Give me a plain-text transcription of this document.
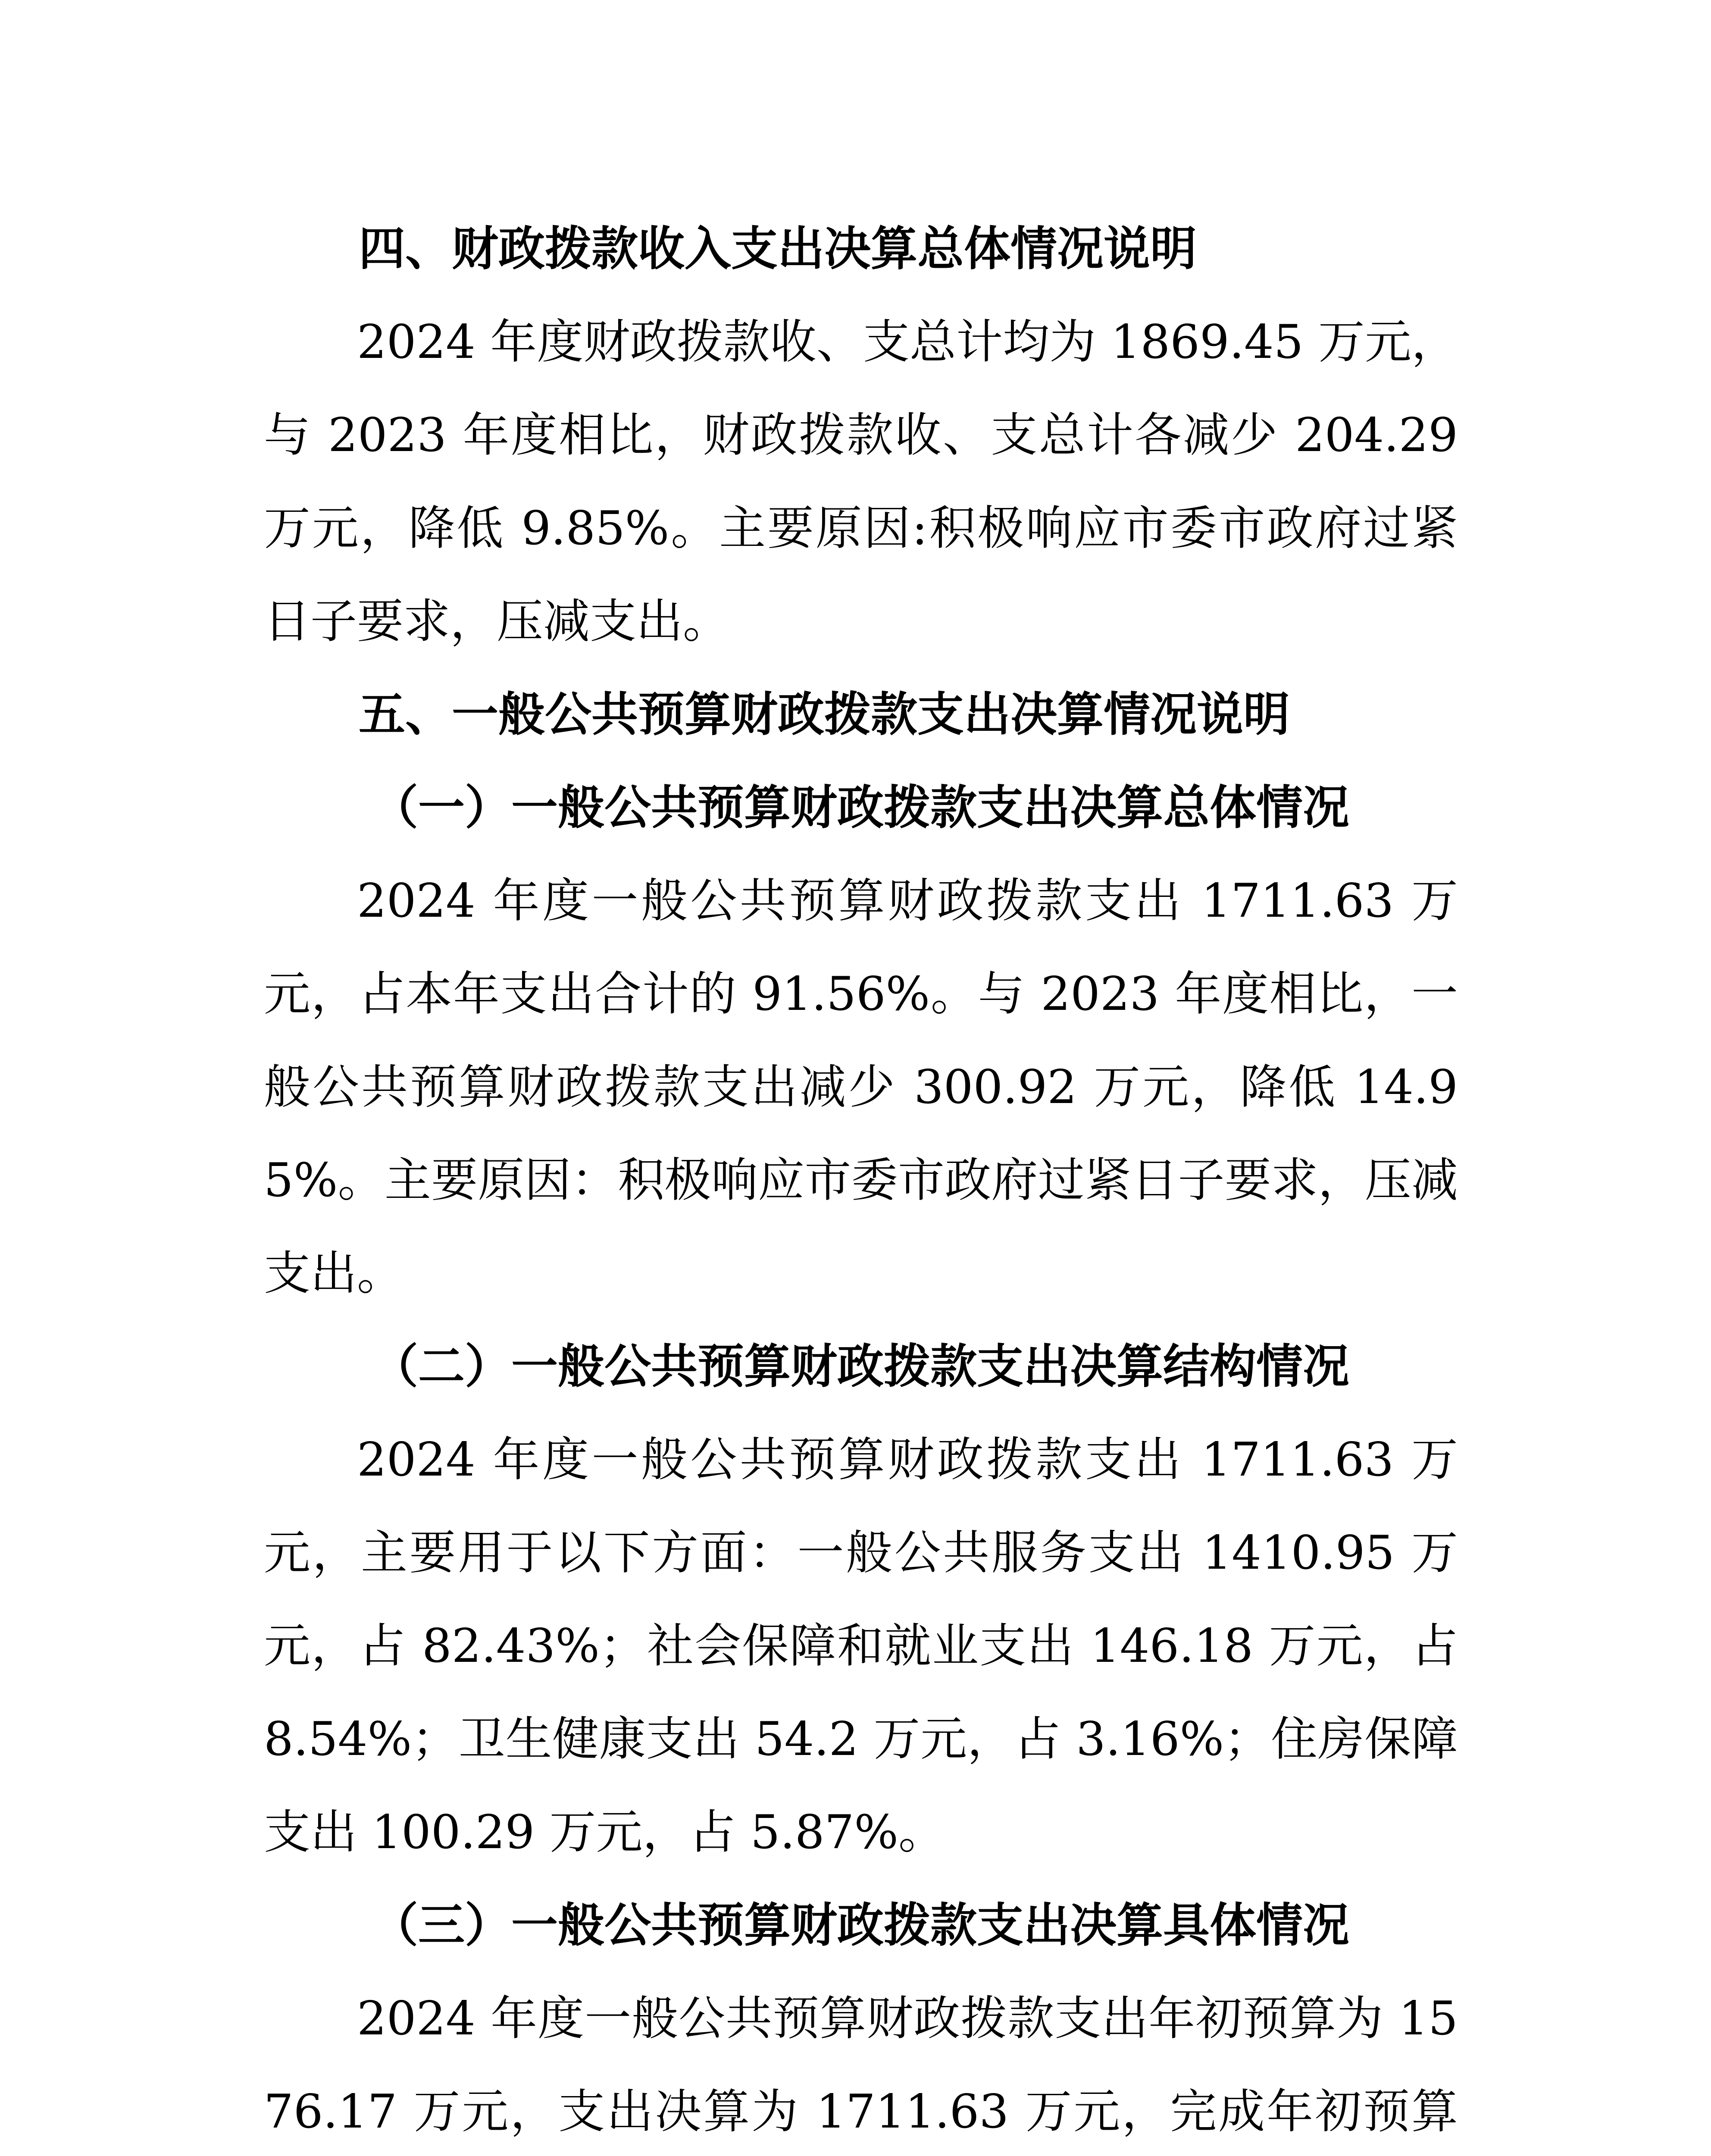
四、财政拨款收入支出决算总体情况说明

2024 年度财政拨款收、支总计均为 1869.45 万元，与 2023 年度相比，财政拨款收、支总计各减少 204.29 万元，降低 9.85%。主要原因:积极响应市委市政府过紧日子要求，压减支出。

五、一般公共预算财政拨款支出决算情况说明
（一）一般公共预算财政拨款支出决算总体情况

2024 年度一般公共预算财政拨款支出 1711.63 万元，占本年支出合计的 91.56%。与 2023 年度相比，一般公共预算财政拨款支出减少 300.92 万元，降低 14.95%。主要原因：积极响应市委市政府过紧日子要求，压减支出。

（二）一般公共预算财政拨款支出决算结构情况

2024 年度一般公共预算财政拨款支出 1711.63 万元，主要用于以下方面：一般公共服务支出 1410.95 万元，占 82.43%；社会保障和就业支出 146.18 万元，占 8.54%；卫生健康支出 54.2 万元，占 3.16%；住房保障支出 100.29 万元，占 5.87%。

（三）一般公共预算财政拨款支出决算具体情况

2024 年度一般公共预算财政拨款支出年初预算为 1576.17 万元，支出决算为 1711.63 万元，完成年初预算
